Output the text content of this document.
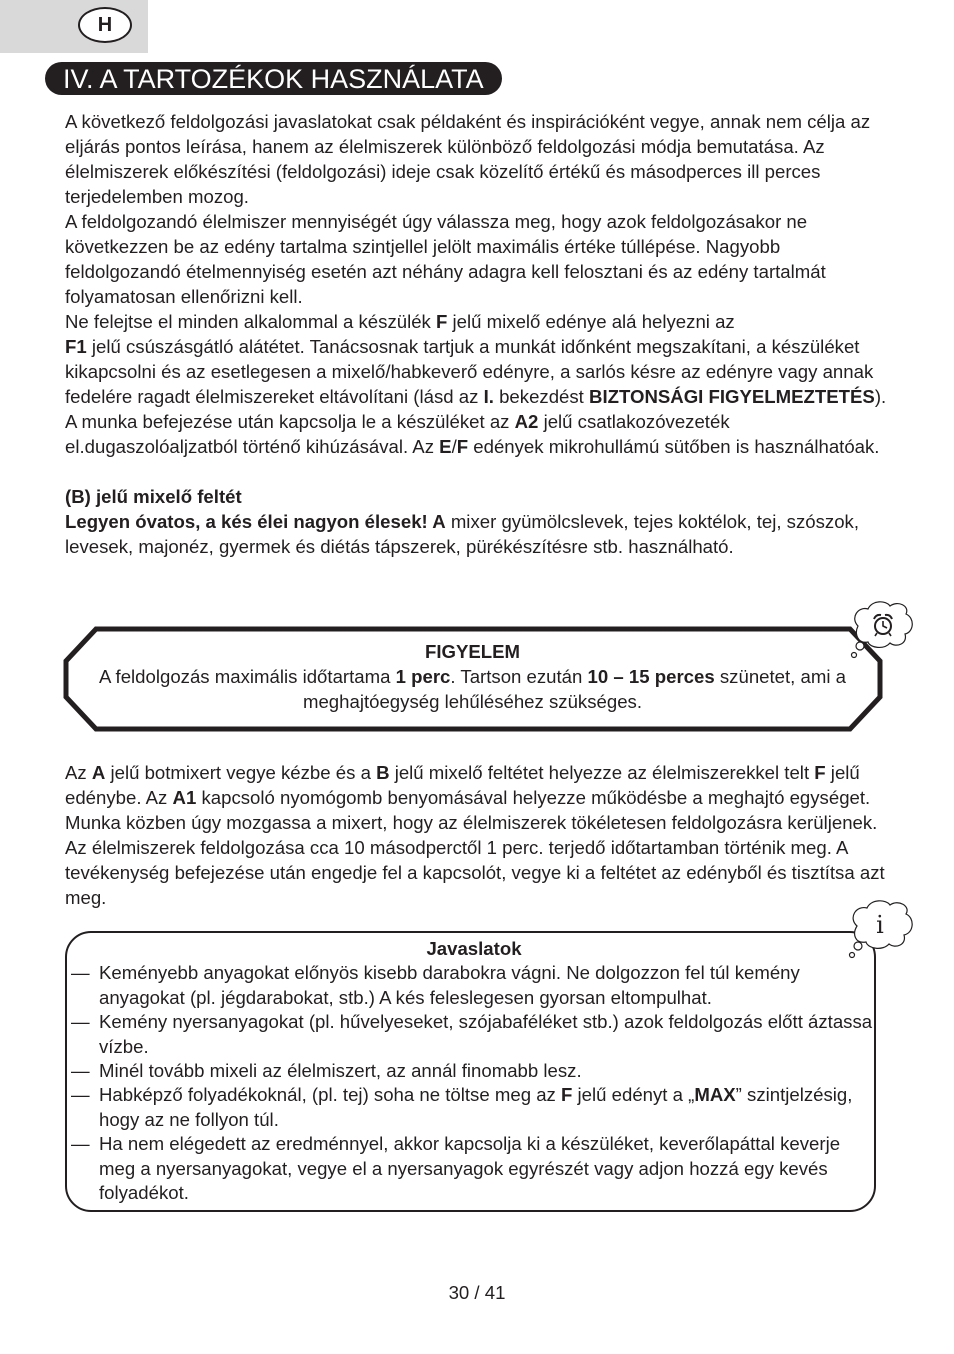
H
IV. A TARTOZÉKOK HASZNÁLATA

A következő feldolgozási javaslatokat csak példaként és inspirációként vegye, annak nem célja az eljárás pontos leírása, hanem az élelmiszerek különböző feldolgozási módja bemutatása. Az élelmiszerek előkészítési (feldolgozási) ideje csak közelítő értékű és másodperces ill perces terjedelemben mozog.

A feldolgozandó élelmiszer mennyiségét úgy válassza meg, hogy azok feldolgozásakor ne következzen be az edény tartalma szintjellel jelölt maximális értéke túllépése. Nagyobb feldolgozandó ételmennyiség esetén azt néhány adagra kell felosztani és az edény tartalmát folyamatosan ellenőrizni kell.

Ne felejtse el minden alkalommal a készülék F jelű mixelő edénye alá helyezni az
F1 jelű csúszásgátló alátétet. Tanácsosnak tartjuk a munkát időnként megszakítani, a készüléket kikapcsolni és az esetlegesen a mixelő/habkeverő edényre, a sarlós késre az edényre vagy annak fedelére ragadt élelmiszereket eltávolítani (lásd az I. bekezdést BIZTONSÁGI FIGYELMEZTETÉS). A munka befejezése után kapcsolja le a készüléket az A2 jelű csatlakozóvezeték el.dugaszolóaljzatból történő kihúzásával. Az E/F edények mikrohullámú sütőben is használhatóak.

(B) jelű mixelő feltét

Legyen óvatos, a kés élei nagyon élesek! A mixer gyümölcslevek, tejes koktélok, tej, szószok, levesek, majonéz, gyermek és diétás tápszerek, pürékészítésre stb. használható.

FIGYELEM
A feldolgozás maximális időtartama 1 perc. Tartson ezután 10 – 15 perces szünetet, ami a meghajtóegység lehűléséhez szükséges.

Az A jelű botmixert vegye kézbe és a B jelű mixelő feltétet helyezze az élelmiszerekkel telt F jelű edénybe. Az A1 kapcsoló nyomógomb benyomásával helyezze működésbe a meghajtó egységet. Munka közben úgy mozgassa a mixert, hogy az élelmiszerek tökéletesen feldolgozásra kerüljenek. Az élelmiszerek feldolgozása cca 10 másodperctől 1 perc. terjedő időtartamban történik meg. A tevékenység befejezése után engedje fel a kapcsolót, vegye ki a feltétet az edényből és tisztítsa azt meg.

i
Javaslatok
— Keményebb anyagokat előnyös kisebb darabokra vágni. Ne dolgozzon fel túl kemény anyagokat (pl. jégdarabokat, stb.) A kés feleslegesen gyorsan eltompulhat.
— Kemény nyersanyagokat (pl. hűvelyeseket, szójabaféléket stb.) azok feldolgozás előtt áztassa vízbe.
— Minél tovább mixeli az élelmiszert, az annál finomabb lesz.
— Habképző folyadékoknál, (pl. tej) soha ne töltse meg az F jelű edényt a „MAX” szintjelzésig, hogy az ne follyon túl.
— Ha nem elégedett az eredménnyel, akkor kapcsolja ki a készüléket, keverőlapáttal keverje meg a nyersanyagokat, vegye el a nyersanyagok egyrészét vagy adjon hozzá egy kevés folyadékot.
30 / 41
